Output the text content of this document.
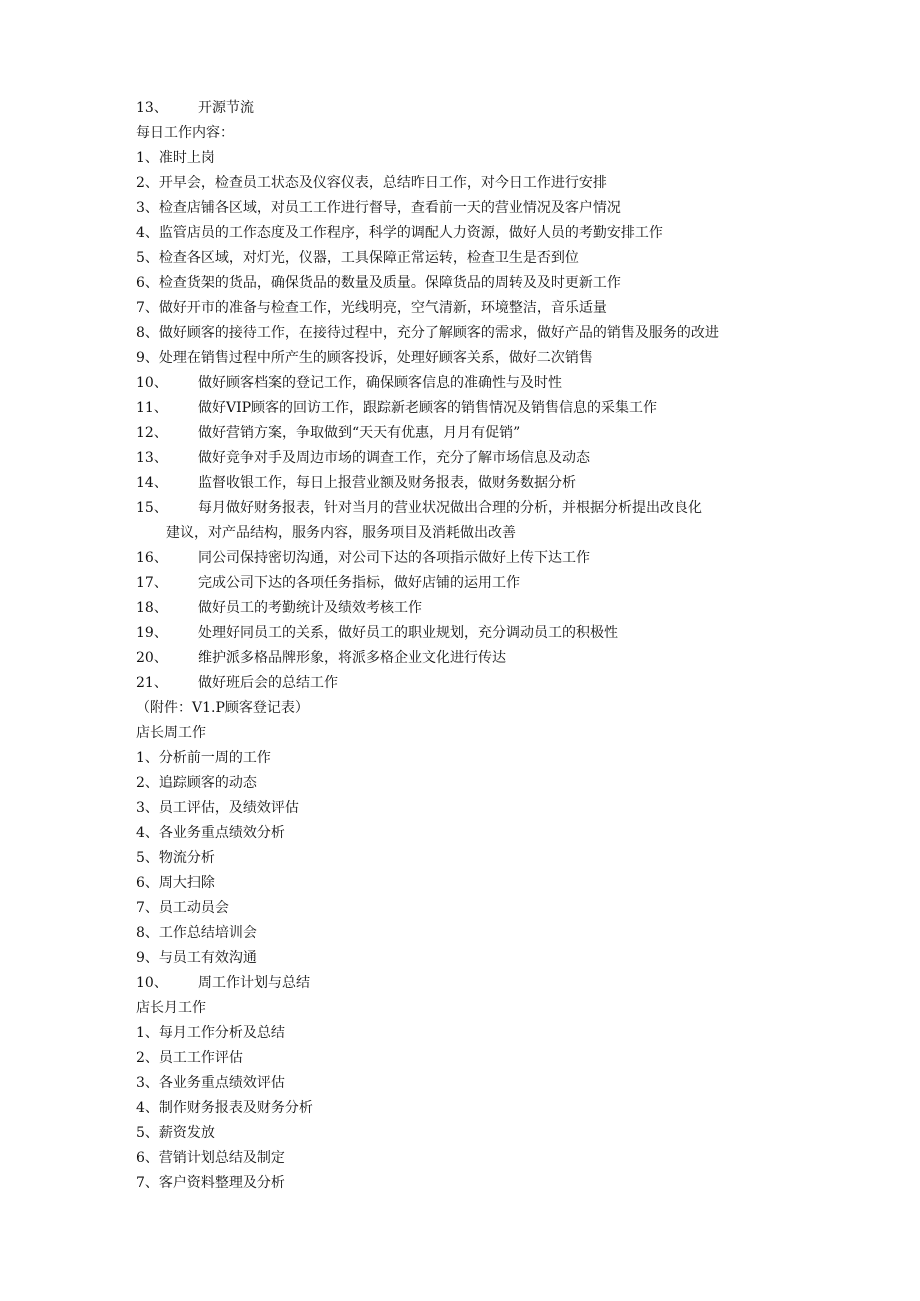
13、 开源节流
每日工作内容：
1、准时上岗
2、开早会，检查员工状态及仪容仪表，总结昨日工作，对今日工作进行安排
3、检查店铺各区域，对员工工作进行督导，查看前一天的营业情况及客户情况
4、监管店员的工作态度及工作程序，科学的调配人力资源，做好人员的考勤安排工作
5、检查各区域，对灯光，仪器，工具保障正常运转，检查卫生是否到位
6、检查货架的货品，确保货品的数量及质量。保障货品的周转及及时更新工作
7、做好开市的准备与检查工作，光线明亮，空气清新，环境整洁，音乐适量
8、做好顾客的接待工作，在接待过程中，充分了解顾客的需求，做好产品的销售及服务的改进
9、处理在销售过程中所产生的顾客投诉，处理好顾客关系，做好二次销售
10、 做好顾客档案的登记工作，确保顾客信息的准确性与及时性
11、 做好VIP顾客的回访工作，跟踪新老顾客的销售情况及销售信息的采集工作
12、 做好营销方案，争取做到“天天有优惠，月月有促销”
13、 做好竞争对手及周边市场的调查工作，充分了解市场信息及动态
14、 监督收银工作，每日上报营业额及财务报表，做财务数据分析
15、 每月做好财务报表，针对当月的营业状况做出合理的分析，并根据分析提出改良化
建议，对产品结构，服务内容，服务项目及消耗做出改善
16、 同公司保持密切沟通，对公司下达的各项指示做好上传下达工作
17、 完成公司下达的各项任务指标，做好店铺的运用工作
18、 做好员工的考勤统计及绩效考核工作
19、 处理好同员工的关系，做好员工的职业规划，充分调动员工的积极性
20、 维护派多格品牌形象，将派多格企业文化进行传达
21、 做好班后会的总结工作
（附件：V1.P顾客登记表）
店长周工作
1、分析前一周的工作
2、追踪顾客的动态
3、员工评估，及绩效评估
4、各业务重点绩效分析
5、物流分析
6、周大扫除
7、员工动员会
8、工作总结培训会
9、与员工有效沟通
10、 周工作计划与总结
店长月工作
1、每月工作分析及总结
2、员工工作评估
3、各业务重点绩效评估
4、制作财务报表及财务分析
5、薪资发放
6、营销计划总结及制定
7、客户资料整理及分析
